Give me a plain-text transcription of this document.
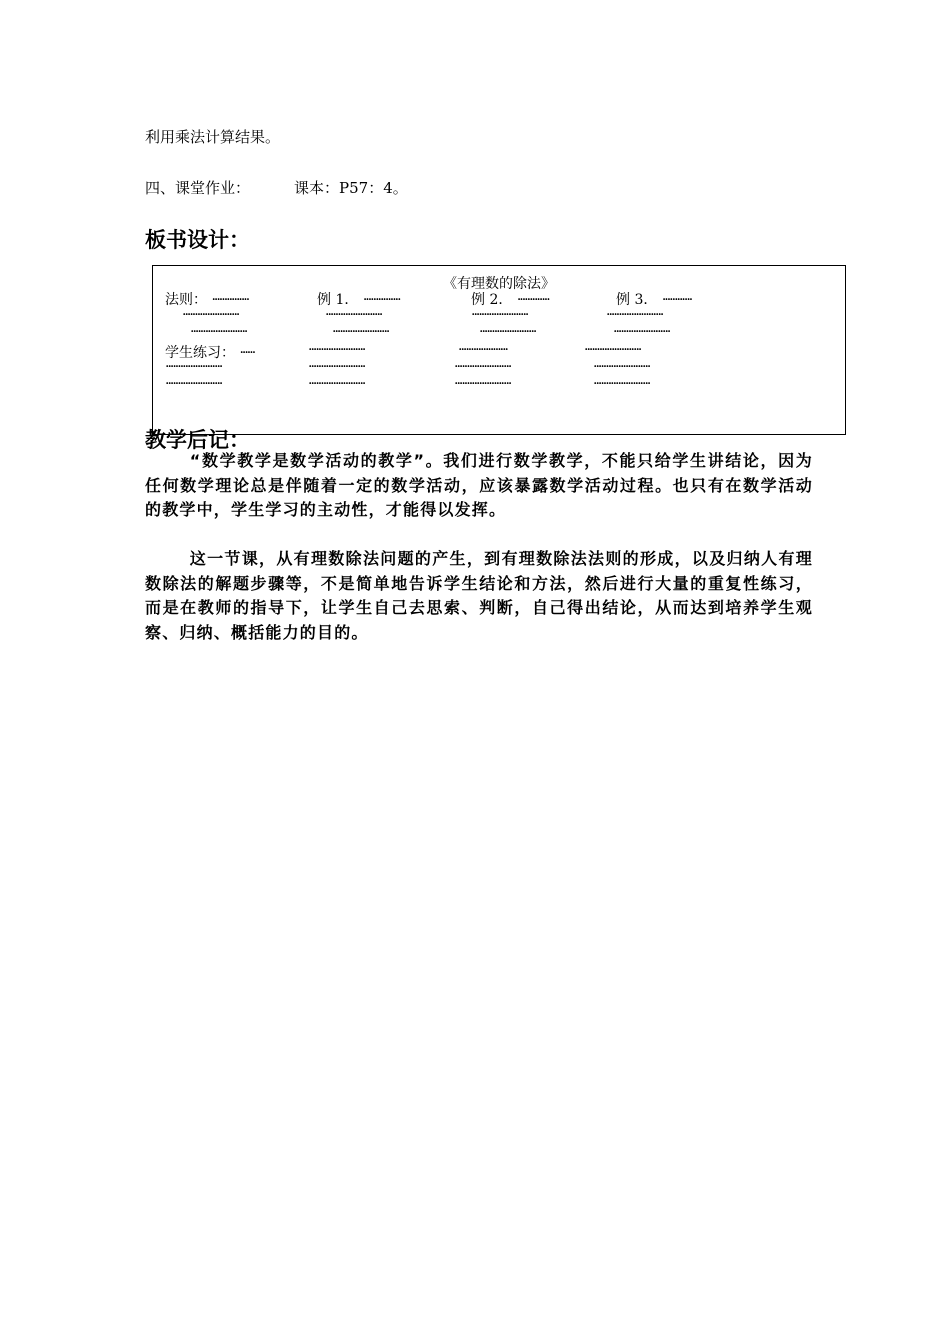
利用乘法计算结果。
四、课堂作业：	课本：P57：4。
板书设计：
《有理数的除法》
法则： ···············	例 1． ···············	例 2． ·············	例 3． ············
·······················	·······················	·······················	·······················
·······················	·······················	·······················	·······················
学生练习： ······	·······················	····················	·······················
·······················	·······················	·······················	·······················
·······················	·······················	·······················	·······················
教学后记：
“数学教学是数学活动的教学”。我们进行数学教学，不能只给学生讲结论，因为任何数学理论总是伴随着一定的数学活动，应该暴露数学活动过程。也只有在数学活动的教学中，学生学习的主动性，才能得以发挥。
这一节课，从有理数除法问题的产生，到有理数除法法则的形成，以及归纳人有理数除法的解题步骤等，不是简单地告诉学生结论和方法，然后进行大量的重复性练习，而是在教师的指导下，让学生自己去思索、判断，自己得出结论，从而达到培养学生观察、归纳、概括能力的目的。
